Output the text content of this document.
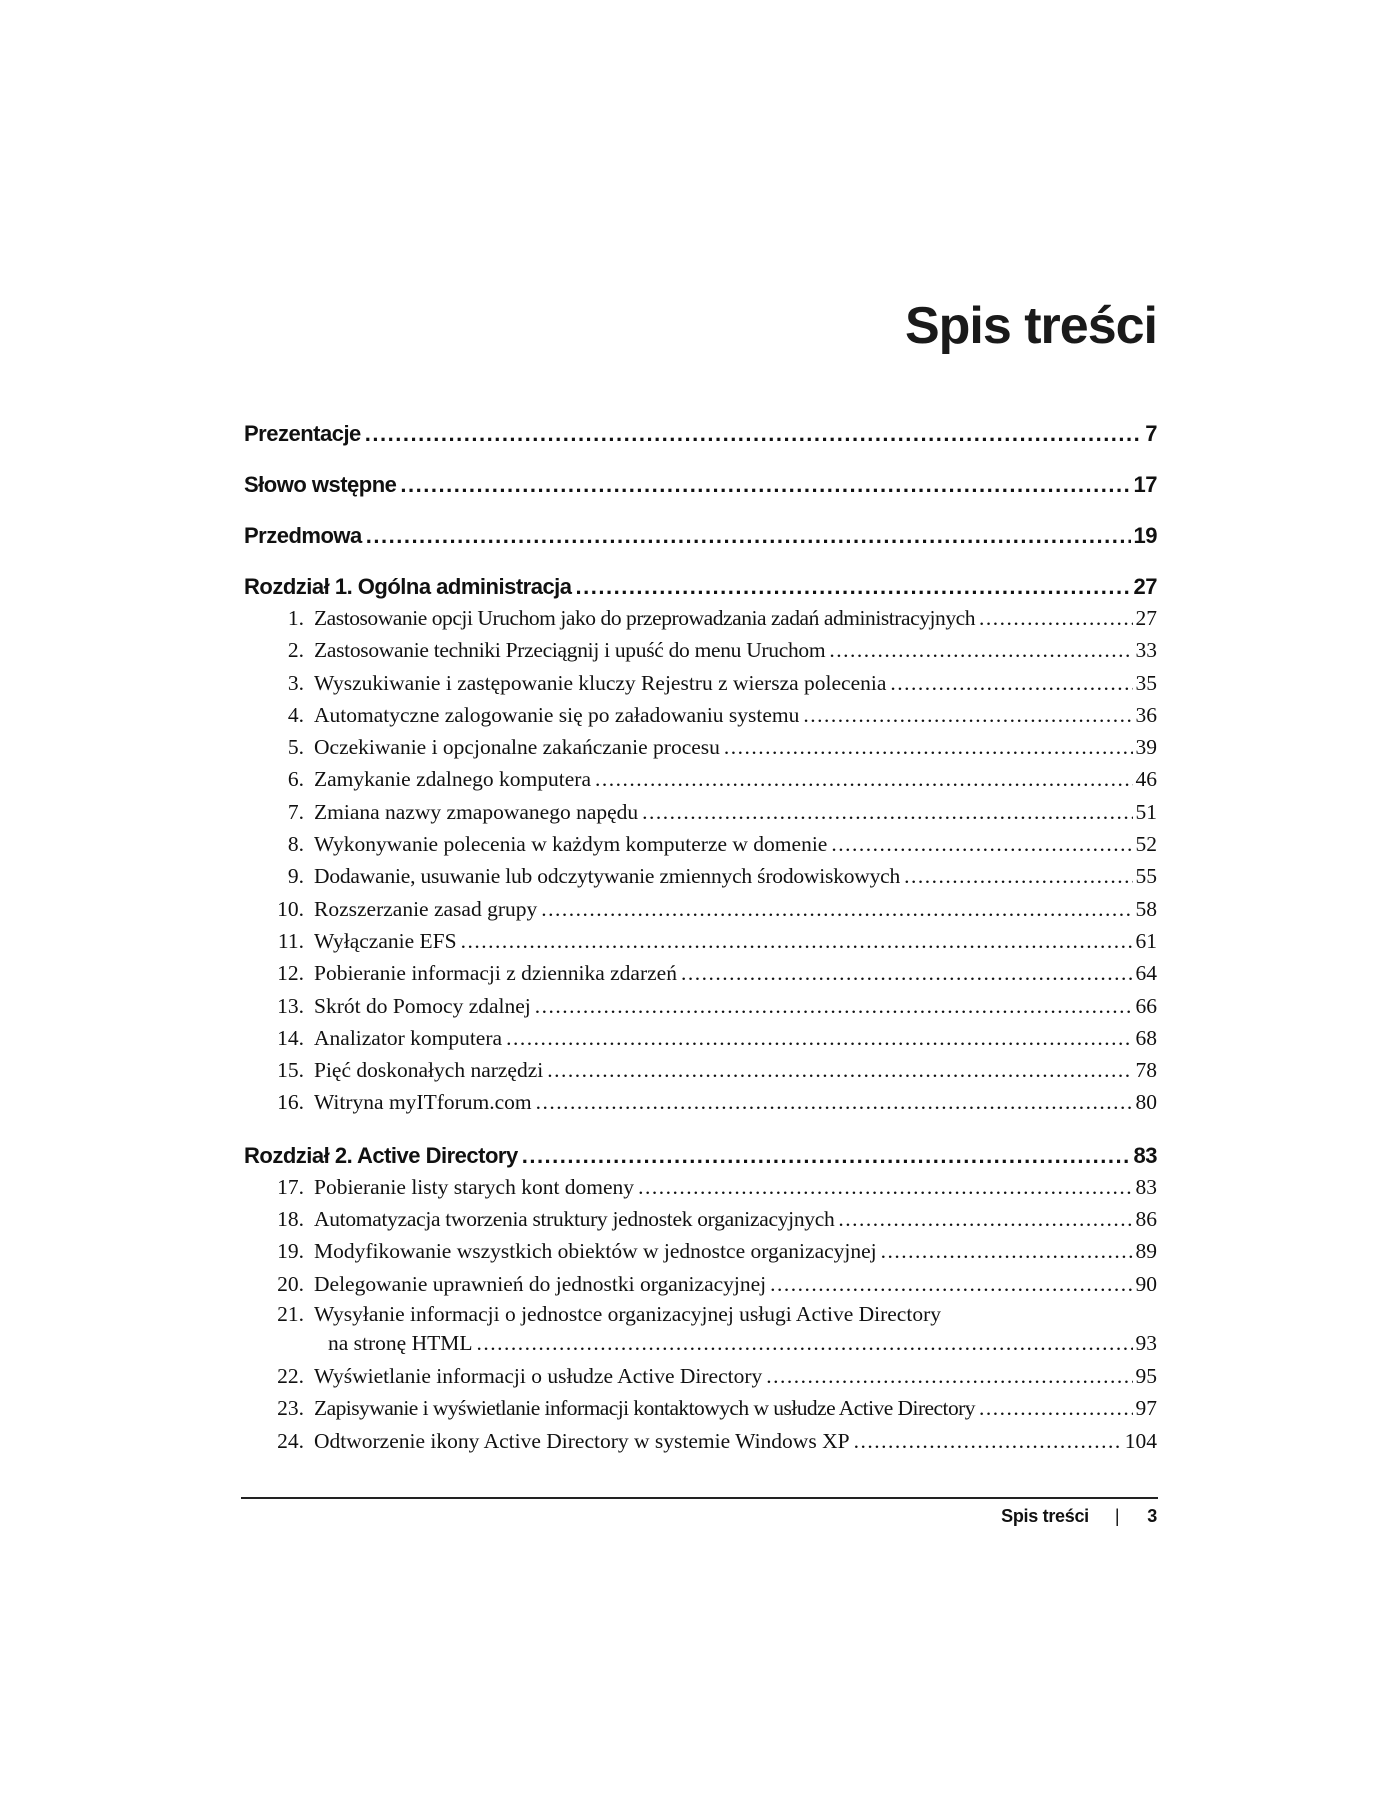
Spis treści
Prezentacje .....	7
Słowo wstępne .....	17
Przedmowa .....	19
Rozdział 1. Ogólna administracja .....	27
1. Zastosowanie opcji Uruchom jako do przeprowadzania zadań administracyjnych .....	27
2. Zastosowanie techniki Przeciągnij i upuść do menu Uruchom .....	33
3. Wyszukiwanie i zastępowanie kluczy Rejestru z wiersza polecenia .....	35
4. Automatyczne zalogowanie się po załadowaniu systemu .....	36
5. Oczekiwanie i opcjonalne zakańczanie procesu .....	39
6. Zamykanie zdalnego komputera .....	46
7. Zmiana nazwy zmapowanego napędu .....	51
8. Wykonywanie polecenia w każdym komputerze w domenie .....	52
9. Dodawanie, usuwanie lub odczytywanie zmiennych środowiskowych .....	55
10. Rozszerzanie zasad grupy .....	58
11. Wyłączanie EFS .....	61
12. Pobieranie informacji z dziennika zdarzeń .....	64
13. Skrót do Pomocy zdalnej .....	66
14. Analizator komputera .....	68
15. Pięć doskonałych narzędzi .....	78
16. Witryna myITforum.com .....	80
Rozdział 2. Active Directory .....	83
17. Pobieranie listy starych kont domeny .....	83
18. Automatyzacja tworzenia struktury jednostek organizacyjnych .....	86
19. Modyfikowanie wszystkich obiektów w jednostce organizacyjnej .....	89
20. Delegowanie uprawnień do jednostki organizacyjnej .....	90
21. Wysyłanie informacji o jednostce organizacyjnej usługi Active Directory
na stronę HTML .....	93
22. Wyświetlanie informacji o usłudze Active Directory .....	95
23. Zapisywanie i wyświetlanie informacji kontaktowych w usłudze Active Directory .....	97
24. Odtworzenie ikony Active Directory w systemie Windows XP .....	104
Spis treści | 3
